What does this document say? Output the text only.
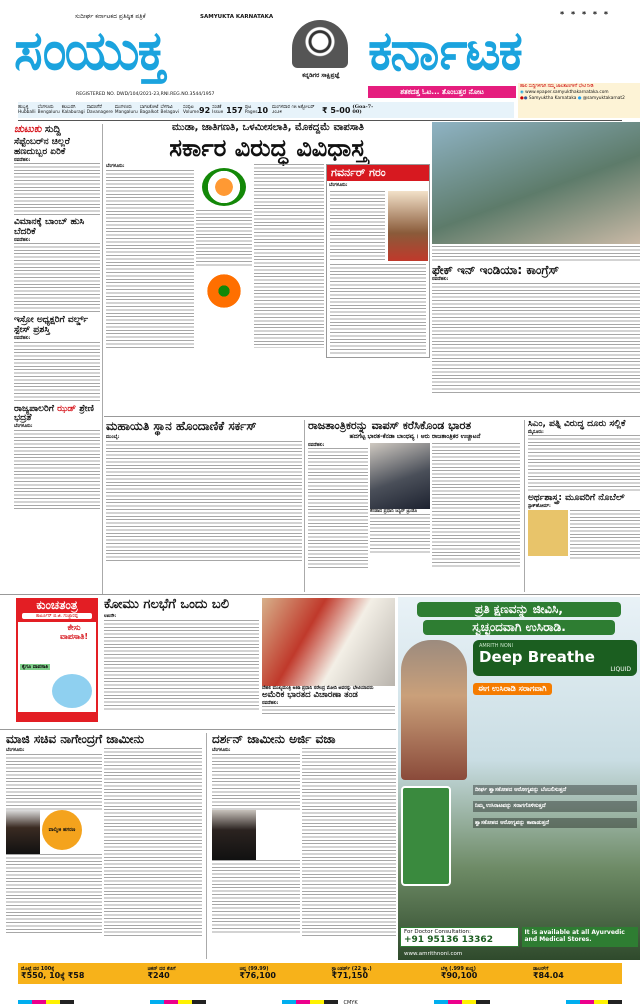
ಸುದೀರ್ಘ ಕರ್ನಾಟಕದ ಪ್ರತಿಷ್ಠಿತ ಪತ್ರಿಕೆ	SAMYUKTA KARNATAKA
ಸಂಯುಕ್ತ	ಕರ್ನಾಟಕ
* * * * *
ಕನ್ನಡಿಗರ ಸಾಕ್ಷಿಪ್ರಜ್ಞೆ
REGISTERED NO. DWD/104/2021-23,RNI.REG.NO.3544/1957	ಶತಕದತ್ತ ಓಟ... ತೊಂಬತ್ತರ ನೋಟ
ಹಾಲಿ ಸುದ್ದಿಗಳಿಗಾಗಿ ನಮ್ಮ ಜಾಲತಾಣಗಳಿಗೆ ಭೇಟಿ ನೀಡಿ
◉ www.epaper.samyukthakarnataka.com
●● Samyuktha Karnataka ● @samyuktakarnat2
ಹುಬ್ಬಳ್ಳಿ
Hubballi
ಬೆಂಗಳೂರು
Bengaluru
ಕಲಬುರಗಿ
Kalaburagi
ದಾವಣಗೆರೆ
Davanagere
ಮಂಗಳೂರು
Mangaluru
ಬಾಗಲಕೋಟೆ
Bagalkot
ಬೆಳಗಾವಿ
Belagavi
ಸಂಪುಟ Volume 92 ಸಂಚಿಕೆ Issue 157 ಪುಟ Pages 10 ಮಂಗಳವಾರ ೧೫ ಅಕ್ಟೋಬರ್ ೨೦೨೪	₹ 5-00 (Goa-7-00)
ಚುಟುಕು ಸುದ್ದಿ
ಸೆಪ್ಟೆಂಬರ್‌ನ ಚಿಲ್ಲರೆ ಹಣದುಬ್ಬರ ಏರಿಕೆ
ನವದೆಹಲಿ:
ವಿಮಾನಕ್ಕೆ ಬಾಂಬ್ ಹುಸಿ ಬೆದರಿಕೆ
ನವದೆಹಲಿ:
ಇಸ್ರೋ ಅಧ್ಯಕ್ಷರಿಗೆ ವರ್ಲ್ಡ್ ಸ್ಪೇಸ್ ಪ್ರಶಸ್ತಿ
ನವದೆಹಲಿ:
ರಾಜ್ಯಪಾಲರಿಗೆ ಝಡ್ ಶ್ರೇಣಿ ಭದ್ರತೆ
ಬೆಂಗಳೂರು:
ಮುಡಾ, ಜಾತಿಗಣತಿ, ಒಳಮೀಸಲಾತಿ, ಮೊಕದ್ದಮೆ ವಾಪಸಾತಿ
ಸರ್ಕಾರ ವಿರುದ್ಧ ವಿವಿಧಾಸ್ತ್ರ
ಬೆಂಗಳೂರು:	ಗವರ್ನರ್ ಗರಂ
ಬೆಂಗಳೂರು:
ಫೇಕ್ ಇನ್ ಇಂಡಿಯಾ: ಕಾಂಗ್ರೆಸ್
ನವದೆಹಲಿ:
ಮಹಾಯತಿ ಸ್ಥಾನ ಹೊಂದಾಣಿಕೆ ಸರ್ಕಸ್
ಮುಂಬೈ:
ರಾಜತಾಂತ್ರಿಕರನ್ನು ವಾಪಸ್ ಕರೆಸಿಕೊಂಡ ಭಾರತ
ಹದಗೆಟ್ಟ ಭಾರತ-ಕೆನಡಾ ಬಾಂಧವ್ಯ । ಆರು ರಾಜತಾಂತ್ರಿಕರ ಉಚ್ಚಾಟನೆ
ನವದೆಹಲಿ:
ಕೆನಡಾದ ಪ್ರಧಾನಿ ಜಸ್ಟಿನ್ ಟ್ರುಡೊ
ಸಿಎಂ, ಪತ್ನಿ ವಿರುದ್ಧ ದೂರು ಸಲ್ಲಿಕೆ
ಮೈಸೂರು:
ಅರ್ಥಶಾಸ್ತ್ರ: ಮೂವರಿಗೆ ನೊಬೆಲ್
ಸ್ಟಾಕ್‌ಹೋಮ್:
ಕುಂಚತಂತ್ರ
ಕಾರ್ಟೂನ್ ಬಿ.ಜಿ. ಗುಜ್ಜಾರಪ್ಪ
ಕೇಸು ವಾಪಸಾತಿ!
ಕೈಗೂ ವಾಪಸಾತಿ
ಕೋಮು ಗಲಭೆಗೆ ಒಂದು ಬಲಿ
ಲಖನೌ:
ದೆಹಲಿ ಮುಖ್ಯಮಂತ್ರಿ ಅತಿಶಿ ಪ್ರಧಾನಿ ನರೇಂದ್ರ ಮೋದಿ ಅವರನ್ನು ಭೇಟಿಯಾದರು
ಅಮೆರಿಕ ಭಾರತದ ವಿಚಾರಣಾ ತಂಡ
ನವದೆಹಲಿ:
ಮಾಜಿ ಸಚಿವ ನಾಗೇಂದ್ರಗೆ ಜಾಮೀನು
ಬೆಂಗಳೂರು:
ವಾಲ್ಮೀಕಿ ಹಗರಣ
ದರ್ಶನ್ ಜಾಮೀನು ಅರ್ಜಿ ವಜಾ
ಬೆಂಗಳೂರು:
ಪ್ರತಿ ಕ್ಷಣವನ್ನು ಜೀವಿಸಿ,
ಸ್ವಚ್ಛಂದವಾಗಿ ಉಸಿರಾಡಿ.
AMRITH NONI
Deep Breathe
LIQUID
ಈಗ ಉಸಿರಾಡಿ ಸರಾಗವಾಗಿ
ದೀರ್ಘ ಶ್ವಾಸಕೋಶದ ಆರೋಗ್ಯವನ್ನು ಬೆಂಬಲಿಸುತ್ತದೆ
ನಿಮ್ಮ ಉಸಿರಾಟವನ್ನು ಸರಾಗಗೊಳಿಸುತ್ತದೆ
ಶ್ವಾಸಕೋಶದ ಆರೋಗ್ಯವನ್ನು ಕಾಪಾಡುತ್ತದೆ
For Doctor Consultation:
+91 95136 13362
It is available at all Ayurvedic and Medical Stores.
www.amrithnoni.com
ಮೊಟ್ಟೆ ದರ 100ಕ್ಕೆ
₹550, 10ಕ್ಕೆ ₹58
ಚಿಕನ್ ದರ ಕೆಜಿಗೆ
₹240
ಚಿನ್ನ (99.99)
₹76,100
ಸ್ಟ್ಯಾಂಡರ್ಡ್ (22 ಕ್ಯಾ.)
₹71,150
ಬೆಳ್ಳಿ (.999 ಶುದ್ಧ)
₹90,100
ಡಾಲರ್‌ಗೆ
₹84.04
CMYK
